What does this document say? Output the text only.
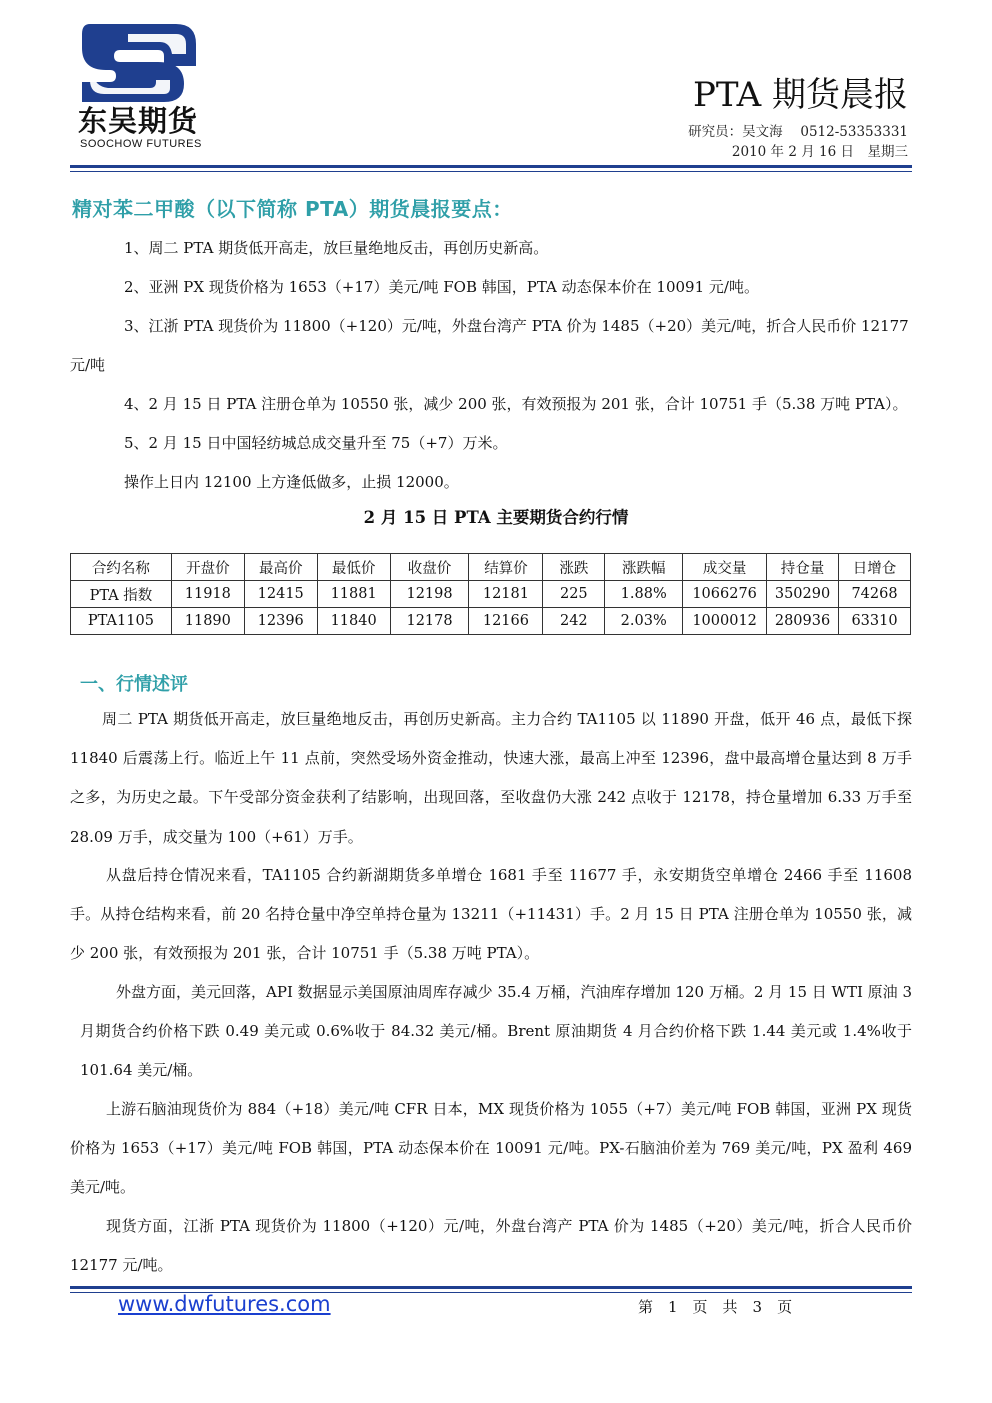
东吴期货
SOOCHOW FUTURES
PTA 期货晨报
研究员：吴文海　 0512-53353331
2010 年 2 月 16 日　星期三
精对苯二甲酸（以下简称 PTA）期货晨报要点：
1、周二 PTA 期货低开高走，放巨量绝地反击，再创历史新高。
2、亚洲 PX 现货价格为 1653（+17）美元/吨 FOB 韩国，PTA 动态保本价在 10091 元/吨。
3、江浙 PTA 现货价为 11800（+120）元/吨，外盘台湾产 PTA 价为 1485（+20）美元/吨，折合人民币价 12177 元/吨
4、2 月 15 日 PTA 注册仓单为 10550 张，减少 200 张，有效预报为 201 张，合计 10751 手（5.38 万吨 PTA）。
5、2 月 15 日中国轻纺城总成交量升至 75（+7）万米。
操作上日内 12100 上方逢低做多，止损 12000。
2 月 15 日 PTA 主要期货合约行情
合约名称	开盘价	最高价	最低价	收盘价	结算价	涨跌	涨跌幅	成交量	持仓量	日增仓
PTA 指数	11918	12415	11881	12198	12181	225	1.88%	1066276	350290	74268
PTA1105	11890	12396	11840	12178	12166	242	2.03%	1000012	280936	63310
一、行情述评
周二 PTA 期货低开高走，放巨量绝地反击，再创历史新高。主力合约 TA1105 以 11890 开盘，低开 46 点，最低下探 11840 后震荡上行。临近上午 11 点前，突然受场外资金推动，快速大涨，最高上冲至 12396，盘中最高增仓量达到 8 万手之多，为历史之最。下午受部分资金获利了结影响，出现回落，至收盘仍大涨 242 点收于 12178，持仓量增加 6.33 万手至 28.09 万手，成交量为 100（+61）万手。
从盘后持仓情况来看，TA1105 合约新湖期货多单增仓 1681 手至 11677 手，永安期货空单增仓 2466 手至 11608 手。从持仓结构来看，前 20 名持仓量中净空单持仓量为 13211（+11431）手。2 月 15 日 PTA 注册仓单为 10550 张，减少 200 张，有效预报为 201 张，合计 10751 手（5.38 万吨 PTA）。
外盘方面，美元回落，API 数据显示美国原油周库存减少 35.4 万桶，汽油库存增加 120 万桶。2 月 15 日 WTI 原油 3 月期货合约价格下跌 0.49 美元或 0.6%收于 84.32 美元/桶。Brent 原油期货 4 月合约价格下跌 1.44 美元或 1.4%收于 101.64 美元/桶。
上游石脑油现货价为 884（+18）美元/吨 CFR 日本，MX 现货价格为 1055（+7）美元/吨 FOB 韩国，亚洲 PX 现货价格为 1653（+17）美元/吨 FOB 韩国，PTA 动态保本价在 10091 元/吨。PX-石脑油价差为 769 美元/吨，PX 盈利 469 美元/吨。
现货方面，江浙 PTA 现货价为 11800（+120）元/吨，外盘台湾产 PTA 价为 1485（+20）美元/吨，折合人民币价 12177 元/吨。
www.dwfutures.com	第　1　页　共　3　页
